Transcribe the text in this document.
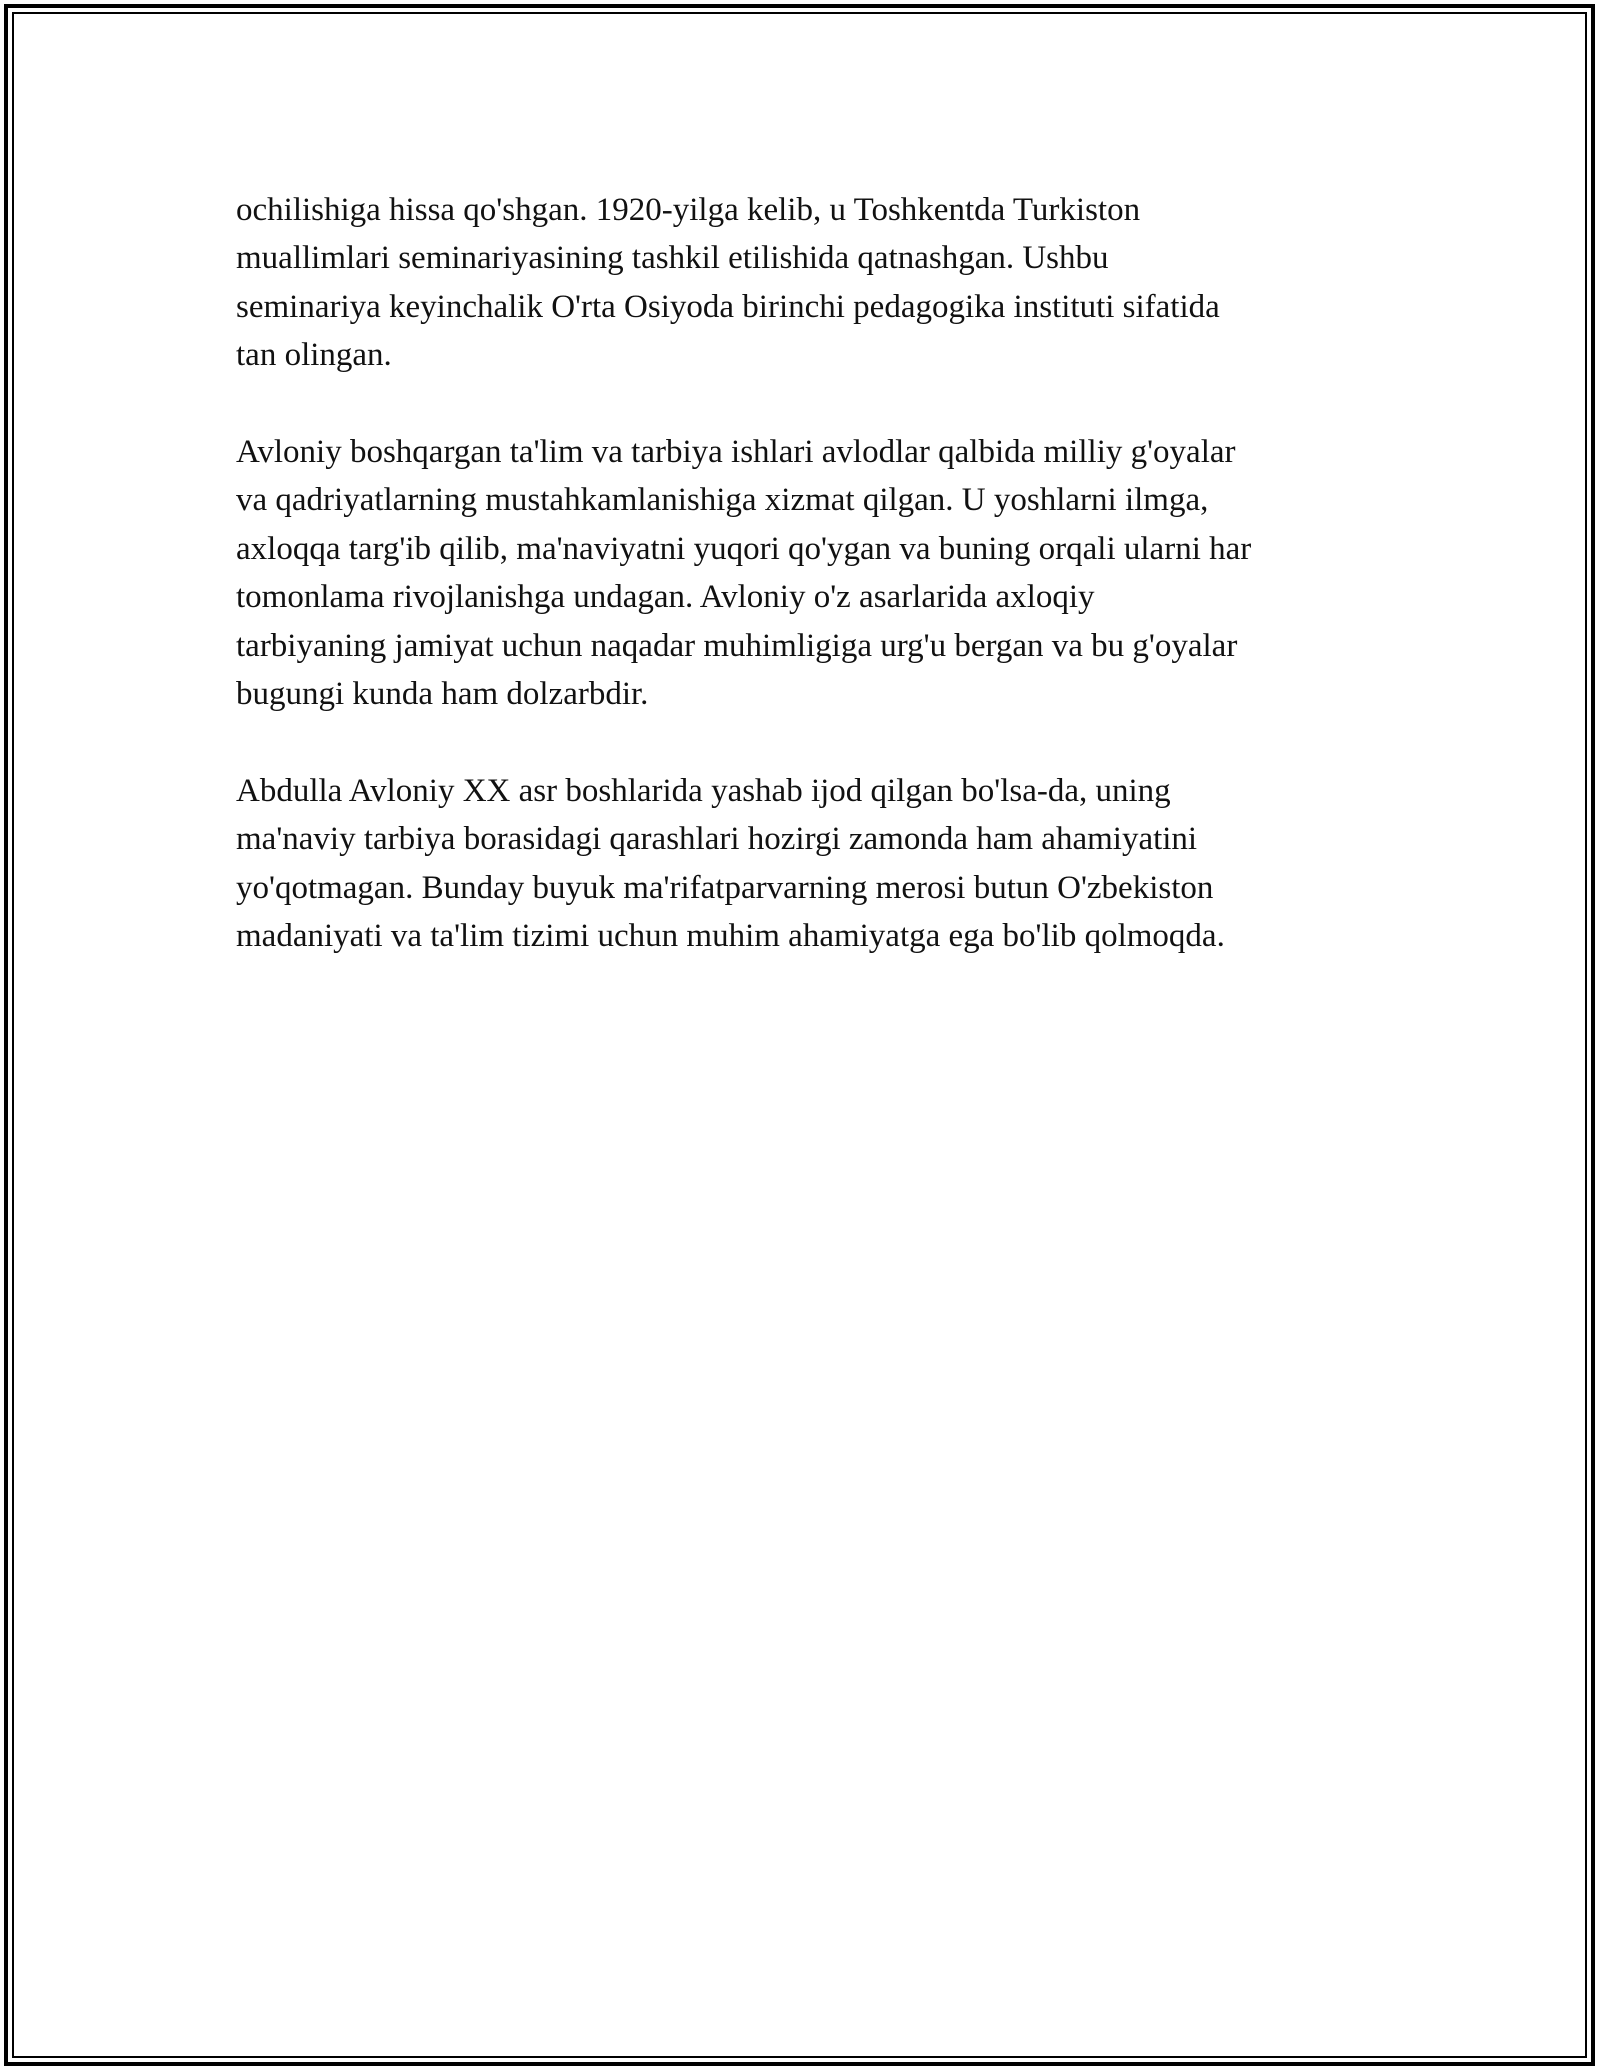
ochilishiga hissa qo'shgan. 1920-yilga kelib, u Toshkentda Turkiston
muallimlari seminariyasining tashkil etilishida qatnashgan. Ushbu
seminariya keyinchalik O'rta Osiyoda birinchi pedagogika instituti sifatida
tan olingan.

Avloniy boshqargan ta'lim va tarbiya ishlari avlodlar qalbida milliy g'oyalar
va qadriyatlarning mustahkamlanishiga xizmat qilgan. U yoshlarni ilmga,
axloqqa targ'ib qilib, ma'naviyatni yuqori qo'ygan va buning orqali ularni har
tomonlama rivojlanishga undagan. Avloniy o'z asarlarida axloqiy
tarbiyaning jamiyat uchun naqadar muhimligiga urg'u bergan va bu g'oyalar
bugungi kunda ham dolzarbdir.

Abdulla Avloniy XX asr boshlarida yashab ijod qilgan bo'lsa-da, uning
ma'naviy tarbiya borasidagi qarashlari hozirgi zamonda ham ahamiyatini
yo'qotmagan. Bunday buyuk ma'rifatparvarning merosi butun O'zbekiston
madaniyati va ta'lim tizimi uchun muhim ahamiyatga ega bo'lib qolmoqda.
